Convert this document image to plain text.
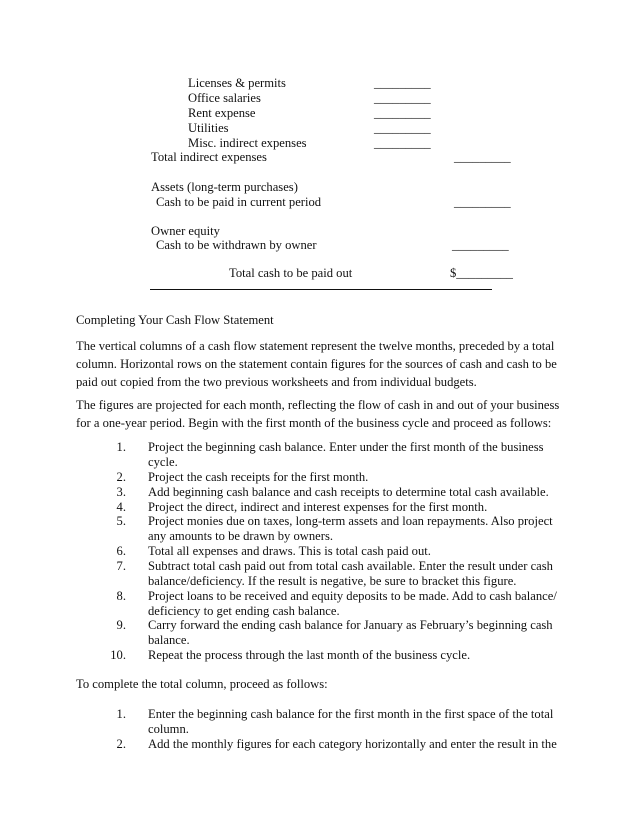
Licenses & permits	_________
Office salaries	_________
Rent expense	_________
Utilities	_________
Misc. indirect expenses	_________
Total indirect expenses	_________
Assets (long-term purchases)
Cash to be paid in current period	_________
Owner equity
Cash to be withdrawn by owner	_________
Total cash to be paid out	$_________
Completing Your Cash Flow Statement
The vertical columns of a cash flow statement represent the twelve months, preceded by a total
column. Horizontal rows on the statement contain figures for the sources of cash and cash to be
paid out copied from the two previous worksheets and from individual budgets.
The figures are projected for each month, reflecting the flow of cash in and out of your business
for a one-year period. Begin with the first month of the business cycle and proceed as follows:
1. Project the beginning cash balance. Enter under the first month of the business
cycle.
2. Project the cash receipts for the first month.
3. Add beginning cash balance and cash receipts to determine total cash available.
4. Project the direct, indirect and interest expenses for the first month.
5. Project monies due on taxes, long-term assets and loan repayments. Also project
any amounts to be drawn by owners.
6. Total all expenses and draws. This is total cash paid out.
7. Subtract total cash paid out from total cash available. Enter the result under cash
balance/deficiency. If the result is negative, be sure to bracket this figure.
8. Project loans to be received and equity deposits to be made. Add to cash balance/
deficiency to get ending cash balance.
9. Carry forward the ending cash balance for January as February’s beginning cash
balance.
10. Repeat the process through the last month of the business cycle.
To complete the total column, proceed as follows:
1. Enter the beginning cash balance for the first month in the first space of the total
column.
2. Add the monthly figures for each category horizontally and enter the result in the
